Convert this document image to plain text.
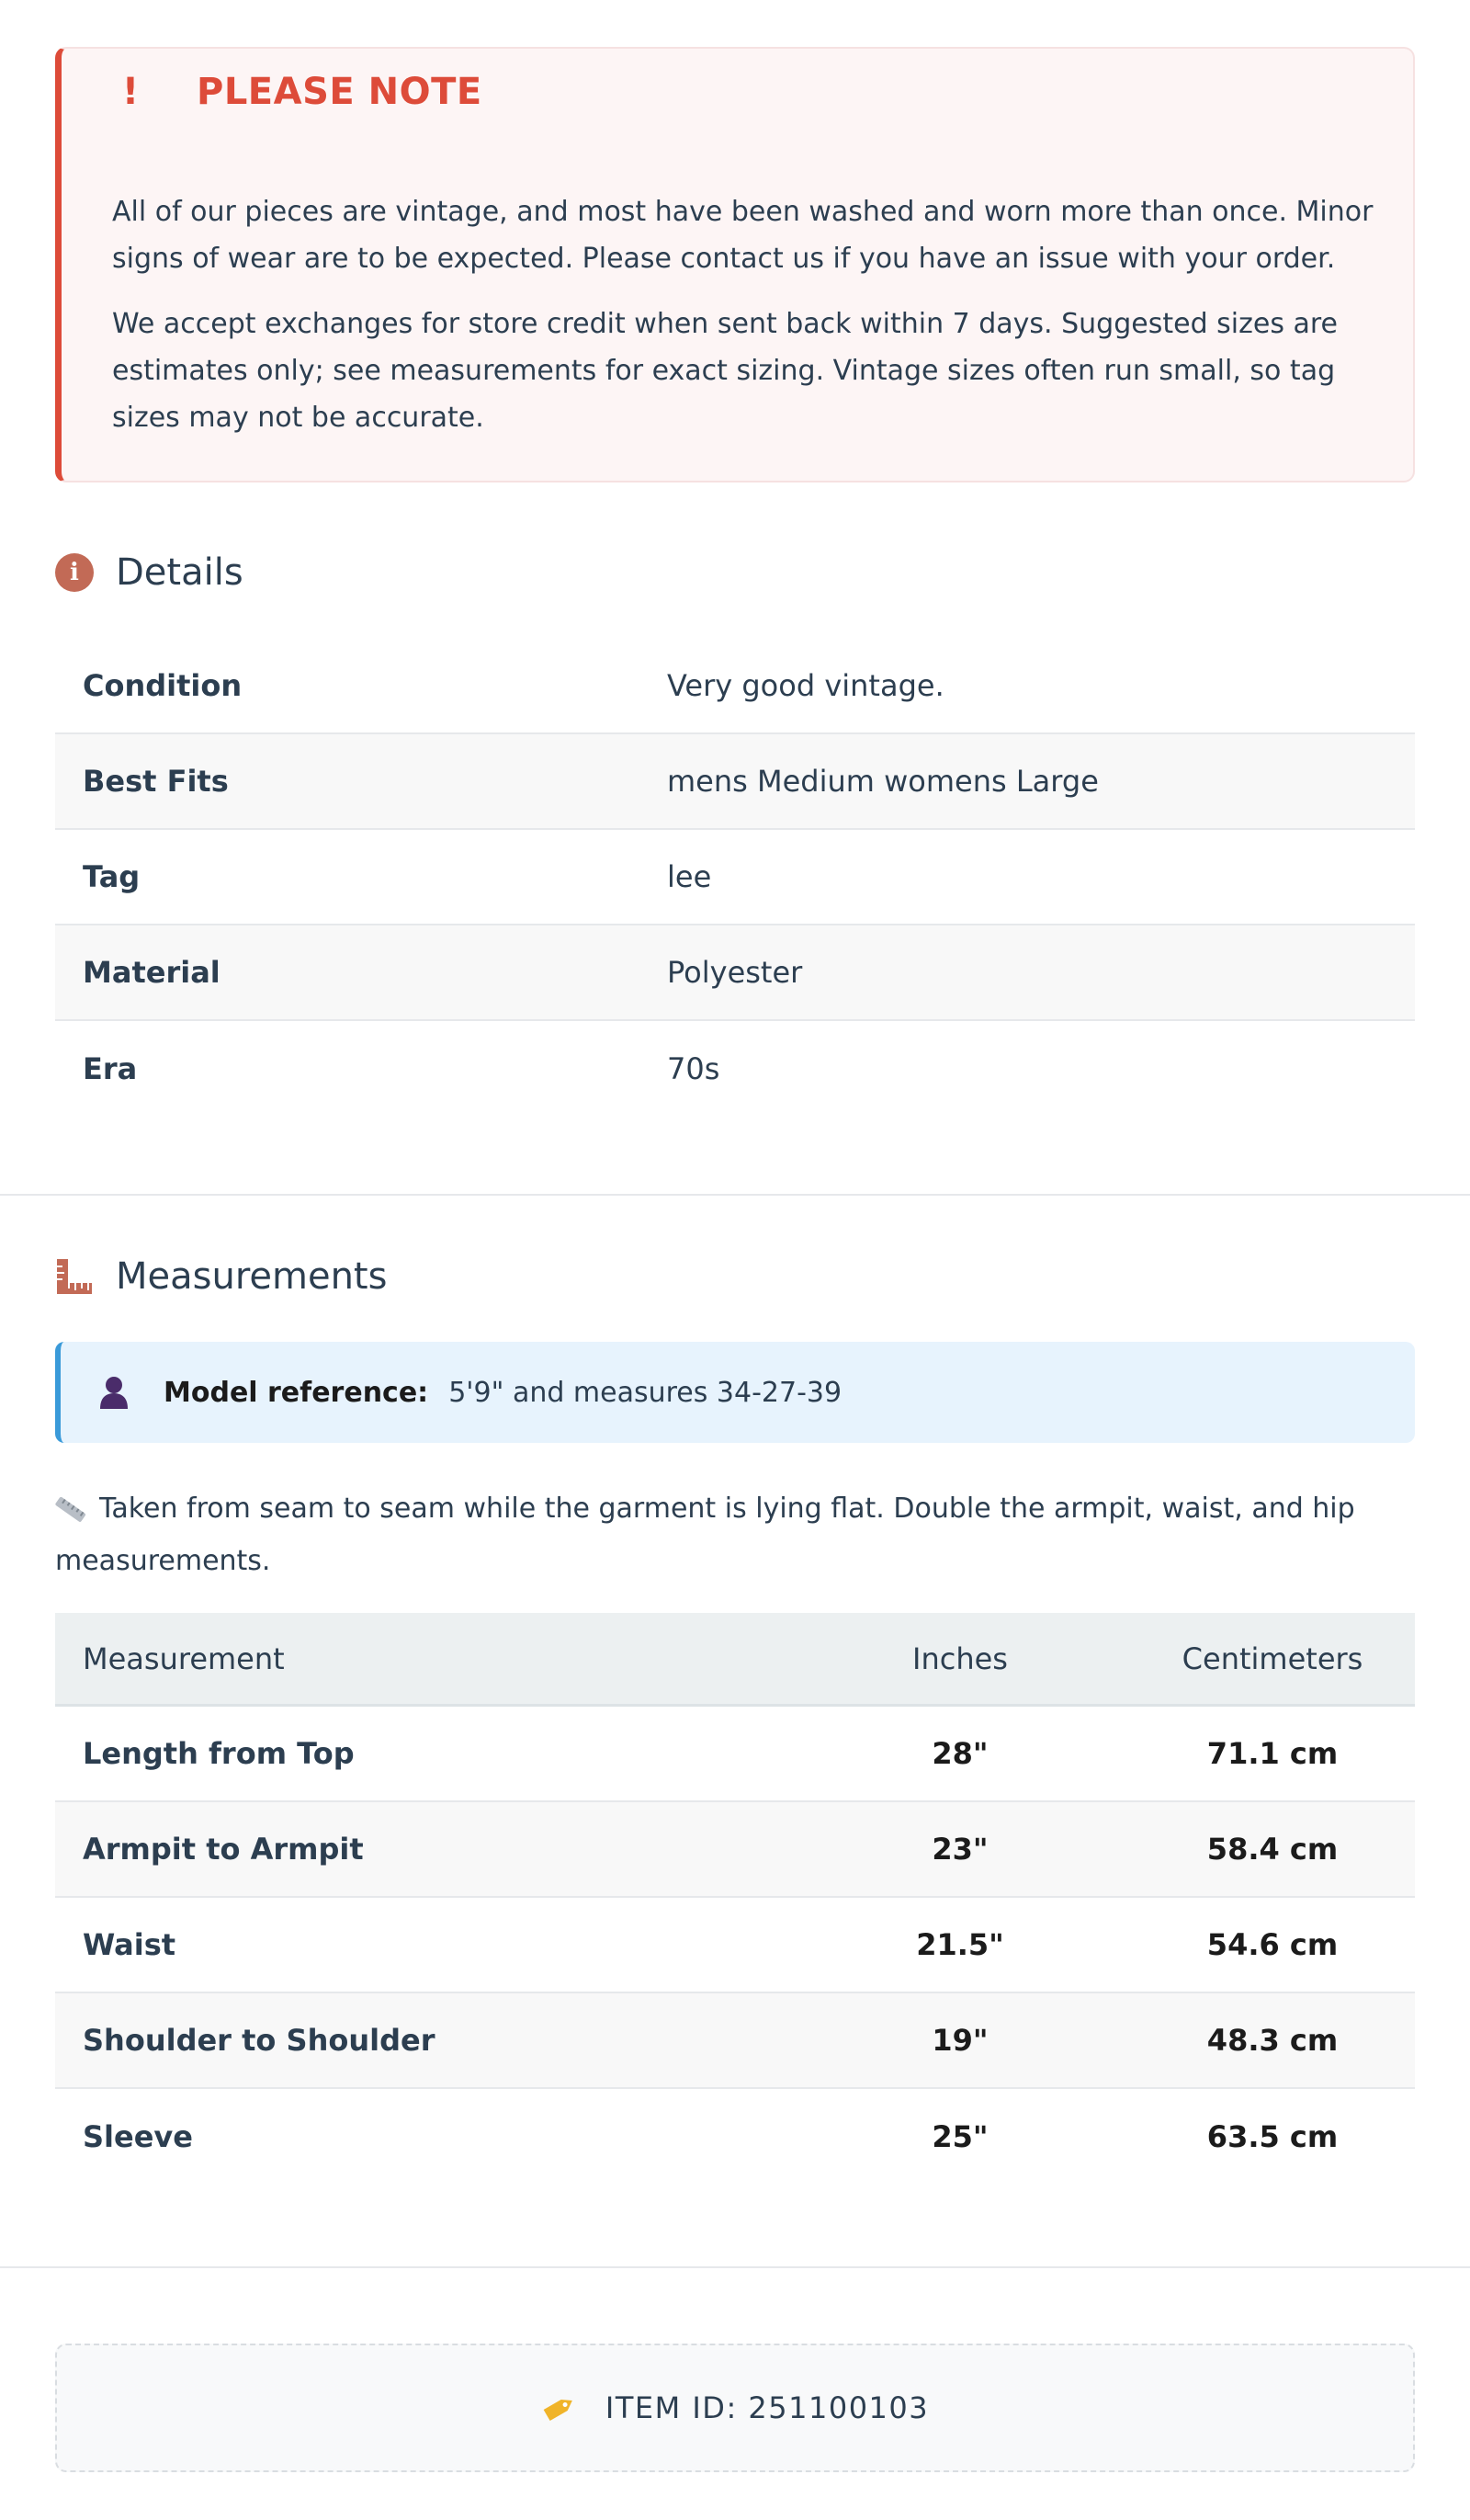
! PLEASE NOTE

All of our pieces are vintage, and most have been washed and worn more than once. Minor signs of wear are to be expected. Please contact us if you have an issue with your order.

We accept exchanges for store credit when sent back within 7 days. Suggested sizes are estimates only; see measurements for exact sizing. Vintage sizes often run small, so tag sizes may not be accurate.

i	Details
Condition	Very good vintage.
Best Fits	mens Medium womens Large
Tag	lee
Material	Polyester
Era	70s
Measurements
Model reference: 5'9" and measures 34-27-39
Taken from seam to seam while the garment is lying flat. Double the armpit, waist, and hip measurements.
Measurement	Inches	Centimeters
Length from Top	28"	71.1 cm
Armpit to Armpit	23"	58.4 cm
Waist	21.5"	54.6 cm
Shoulder to Shoulder	19"	48.3 cm
Sleeve	25"	63.5 cm
ITEM ID: 251100103
